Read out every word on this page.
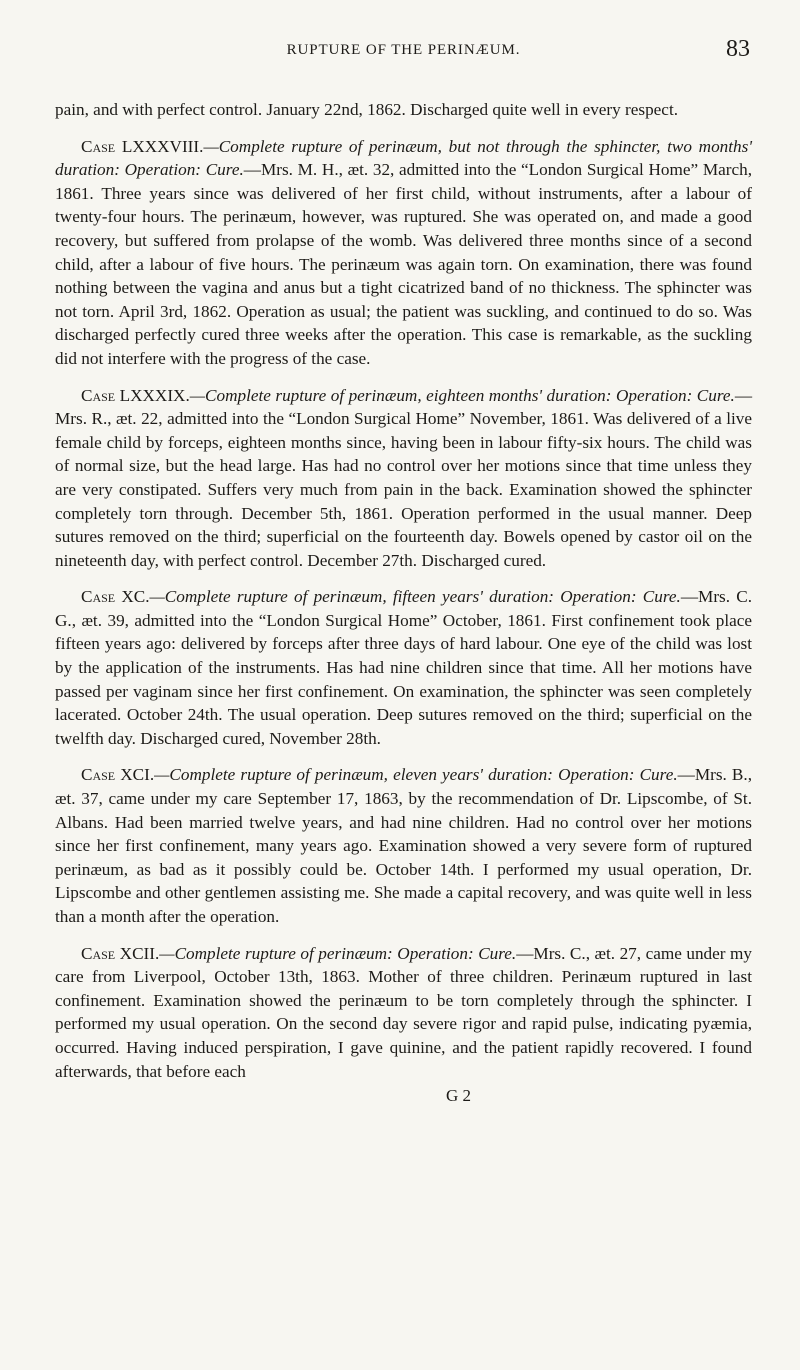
RUPTURE OF THE PERINÆUM.	83

pain, and with perfect control. January 22nd, 1862. Discharged quite well in every respect.

Case LXXXVIII.—Complete rupture of perinæum, but not through the sphincter, two months' duration: Operation: Cure.—Mrs. M. H., æt. 32, admitted into the “London Surgical Home” March, 1861. Three years since was delivered of her first child, without instruments, after a labour of twenty-four hours. The perinæum, however, was ruptured. She was operated on, and made a good recovery, but suffered from prolapse of the womb. Was delivered three months since of a second child, after a labour of five hours. The perinæum was again torn. On examination, there was found nothing between the vagina and anus but a tight cicatrized band of no thickness. The sphincter was not torn. April 3rd, 1862. Operation as usual; the patient was suckling, and continued to do so. Was discharged perfectly cured three weeks after the operation. This case is remarkable, as the suckling did not interfere with the progress of the case.

Case LXXXIX.—Complete rupture of perinæum, eighteen months' duration: Operation: Cure.—Mrs. R., æt. 22, admitted into the “London Surgical Home” November, 1861. Was delivered of a live female child by forceps, eighteen months since, having been in labour fifty-six hours. The child was of normal size, but the head large. Has had no control over her motions since that time unless they are very constipated. Suffers very much from pain in the back. Examination showed the sphincter completely torn through. December 5th, 1861. Operation performed in the usual manner. Deep sutures removed on the third; superficial on the fourteenth day. Bowels opened by castor oil on the nineteenth day, with perfect control. December 27th. Discharged cured.

Case XC.—Complete rupture of perinæum, fifteen years' duration: Operation: Cure.—Mrs. C. G., æt. 39, admitted into the “London Surgical Home” October, 1861. First confinement took place fifteen years ago: delivered by forceps after three days of hard labour. One eye of the child was lost by the application of the instruments. Has had nine children since that time. All her motions have passed per vaginam since her first confinement. On examination, the sphincter was seen completely lacerated. October 24th. The usual operation. Deep sutures removed on the third; superficial on the twelfth day. Discharged cured, November 28th.

Case XCI.—Complete rupture of perinæum, eleven years' duration: Operation: Cure.—Mrs. B., æt. 37, came under my care September 17, 1863, by the recommendation of Dr. Lipscombe, of St. Albans. Had been married twelve years, and had nine children. Had no control over her motions since her first confinement, many years ago. Examination showed a very severe form of ruptured perinæum, as bad as it possibly could be. October 14th. I performed my usual operation, Dr. Lipscombe and other gentlemen assisting me. She made a capital recovery, and was quite well in less than a month after the operation.

Case XCII.—Complete rupture of perinæum: Operation: Cure.—Mrs. C., æt. 27, came under my care from Liverpool, October 13th, 1863. Mother of three children. Perinæum ruptured in last confinement. Examination showed the perinæum to be torn completely through the sphincter. I performed my usual operation. On the second day severe rigor and rapid pulse, indicating pyæmia, occurred. Having induced perspiration, I gave quinine, and the patient rapidly recovered. I found afterwards, that before each

G 2
